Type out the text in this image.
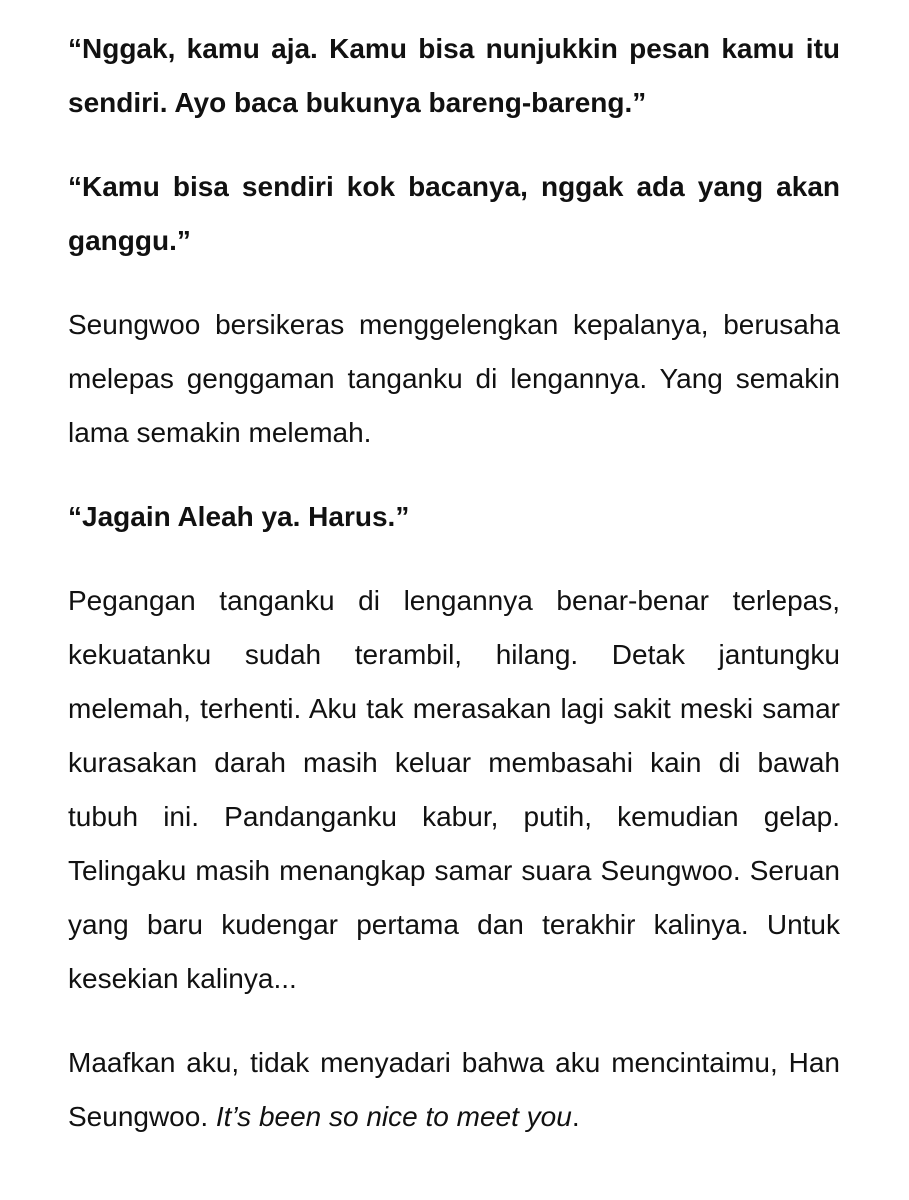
“Nggak, kamu aja. Kamu bisa nunjukkin pesan kamu itu sendiri. Ayo baca bukunya bareng-bareng.”

“Kamu bisa sendiri kok bacanya, nggak ada yang akan ganggu.”

Seungwoo bersikeras menggelengkan kepalanya, berusaha melepas genggaman tanganku di lengannya. Yang semakin lama semakin melemah.

“Jagain Aleah ya. Harus.”

Pegangan tanganku di lengannya benar-benar terlepas, kekuatanku sudah terambil, hilang. Detak jantungku melemah, terhenti. Aku tak merasakan lagi sakit meski samar kurasakan darah masih keluar membasahi kain di bawah tubuh ini. Pandanganku kabur, putih, kemudian gelap. Telingaku masih menangkap samar suara Seungwoo. Seruan yang baru kudengar pertama dan terakhir kalinya. Untuk kesekian kalinya...

Maafkan aku, tidak menyadari bahwa aku mencintaimu, Han Seungwoo. It’s been so nice to meet you.
